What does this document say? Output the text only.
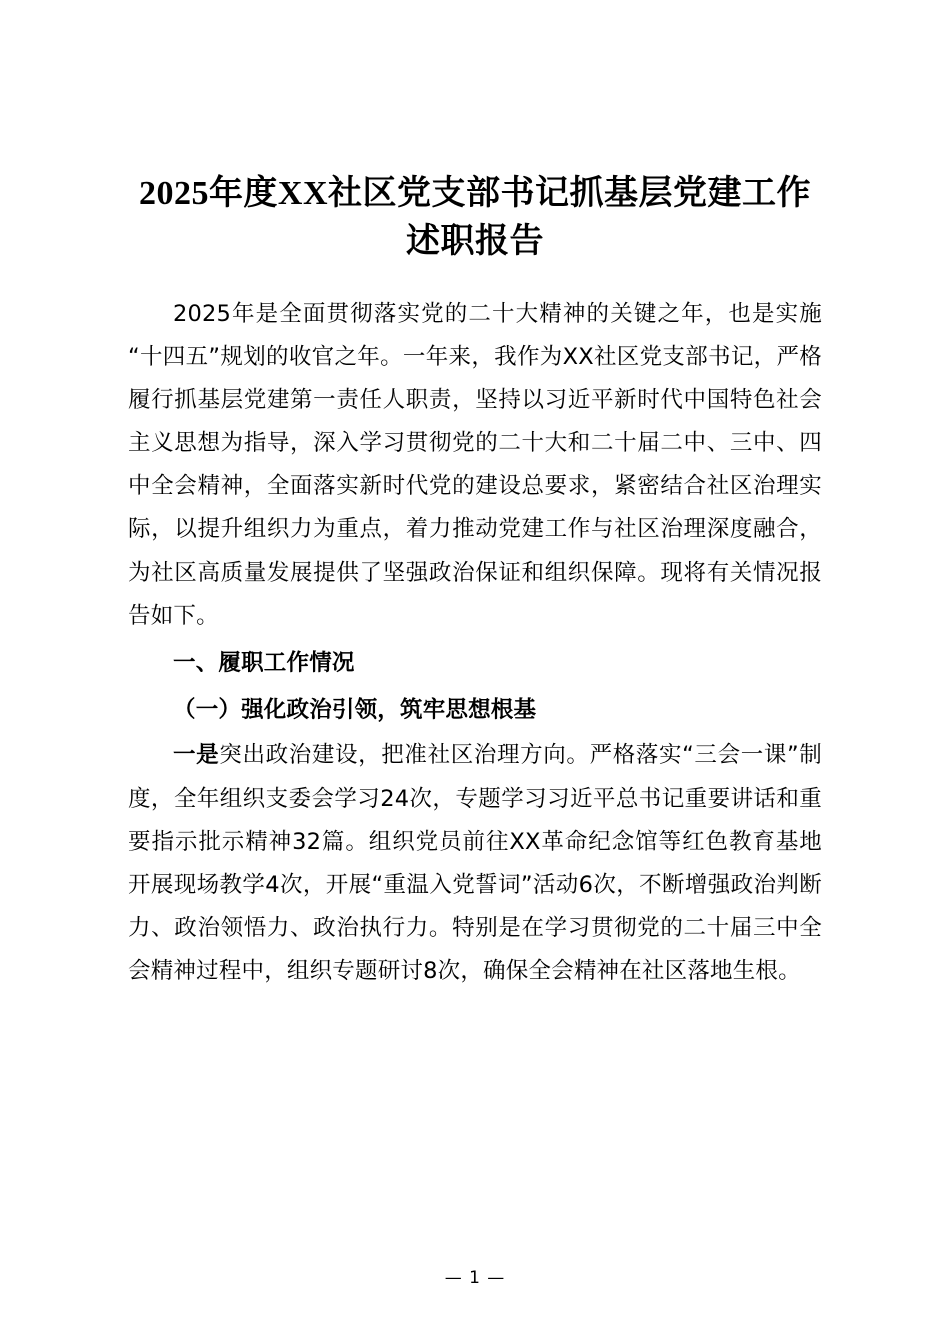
2025年度XX社区党支部书记抓基层党建工作述职报告

2025年是全面贯彻落实党的二十大精神的关键之年，也是实施“十四五”规划的收官之年。一年来，我作为XX社区党支部书记，严格履行抓基层党建第一责任人职责，坚持以习近平新时代中国特色社会主义思想为指导，深入学习贯彻党的二十大和二十届二中、三中、四中全会精神，全面落实新时代党的建设总要求，紧密结合社区治理实际，以提升组织力为重点，着力推动党建工作与社区治理深度融合，为社区高质量发展提供了坚强政治保证和组织保障。现将有关情况报告如下。

一、履职工作情况

（一）强化政治引领，筑牢思想根基

一是突出政治建设，把准社区治理方向。严格落实“三会一课”制度，全年组织支委会学习24次，专题学习习近平总书记重要讲话和重要指示批示精神32篇。组织党员前往XX革命纪念馆等红色教育基地开展现场教学4次，开展“重温入党誓词”活动6次，不断增强政治判断力、政治领悟力、政治执行力。特别是在学习贯彻党的二十届三中全会精神过程中，组织专题研讨8次，确保全会精神在社区落地生根。

— 1 —
